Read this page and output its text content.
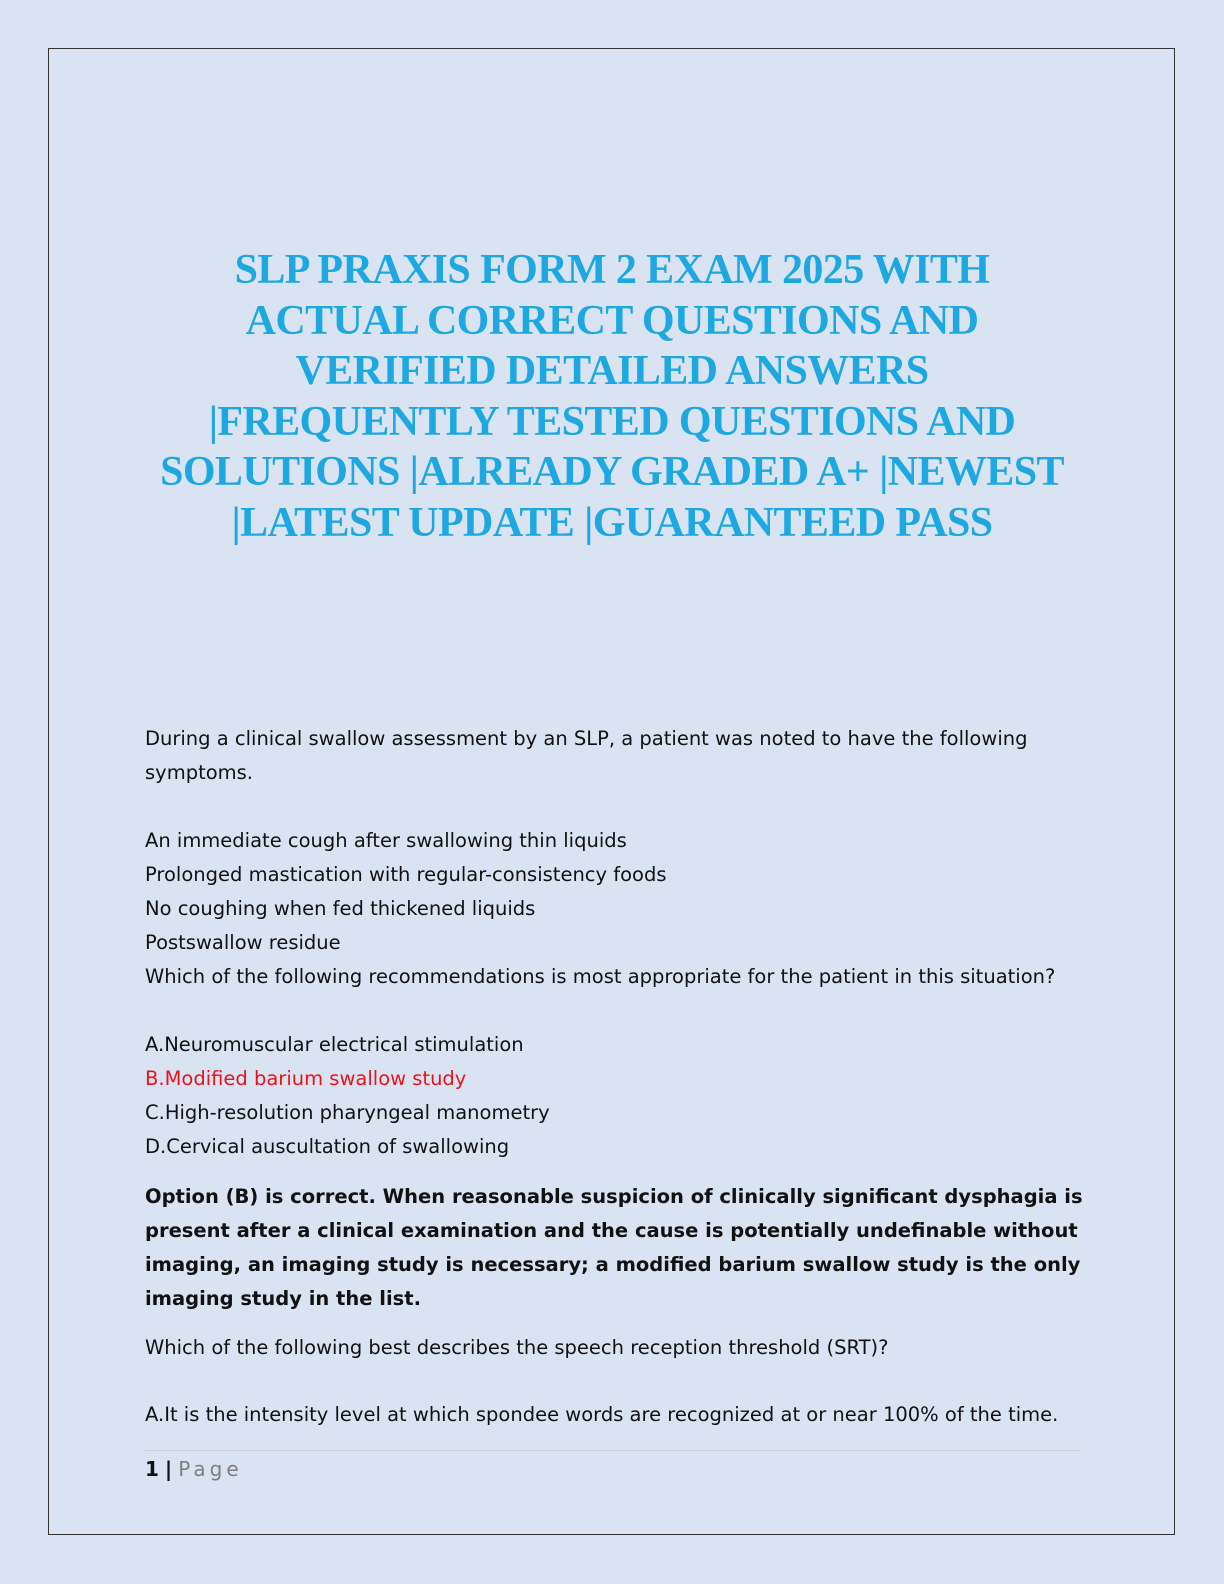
SLP PRAXIS FORM 2 EXAM 2025 WITH
ACTUAL CORRECT QUESTIONS AND
VERIFIED DETAILED ANSWERS
|FREQUENTLY TESTED QUESTIONS AND
SOLUTIONS |ALREADY GRADED A+ |NEWEST
|LATEST UPDATE |GUARANTEED PASS

During a clinical swallow assessment by an SLP, a patient was noted to have the following

symptoms.

An immediate cough after swallowing thin liquids

Prolonged mastication with regular-consistency foods

No coughing when fed thickened liquids

Postswallow residue

Which of the following recommendations is most appropriate for the patient in this situation?

A.Neuromuscular electrical stimulation

B.Modified barium swallow study

C.High-resolution pharyngeal manometry

D.Cervical auscultation of swallowing

Option (B) is correct. When reasonable suspicion of clinically significant dysphagia is present after a clinical examination and the cause is potentially undefinable without imaging, an imaging study is necessary; a modified barium swallow study is the only imaging study in the list.

Which of the following best describes the speech reception threshold (SRT)?

A.It is the intensity level at which spondee words are recognized at or near 100% of the time.

1 | Page
